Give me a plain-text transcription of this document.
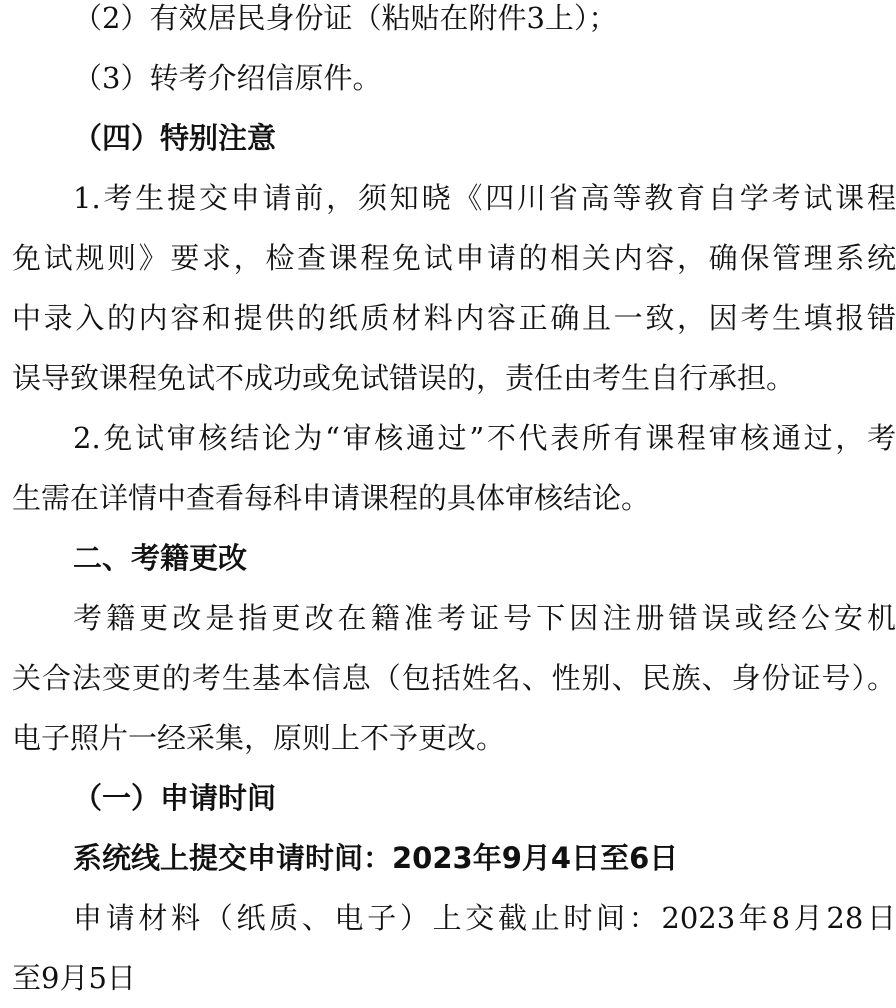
（2）有效居民身份证（粘贴在附件3上）；
（3）转考介绍信原件。
（四）特别注意
1.考生提交申请前，须知晓《四川省高等教育自学考试课程
免试规则》要求，检查课程免试申请的相关内容，确保管理系统
中录入的内容和提供的纸质材料内容正确且一致，因考生填报错
误导致课程免试不成功或免试错误的，责任由考生自行承担。
2.免试审核结论为“审核通过”不代表所有课程审核通过，考
生需在详情中查看每科申请课程的具体审核结论。
二、考籍更改
考籍更改是指更改在籍准考证号下因注册错误或经公安机
关合法变更的考生基本信息（包括姓名、性别、民族、身份证号）。
电子照片一经采集，原则上不予更改。
（一）申请时间
系统线上提交申请时间：2023年9月4日至6日
申请材料（纸质、电子）上交截止时间：2023年8月28日
至9月5日
